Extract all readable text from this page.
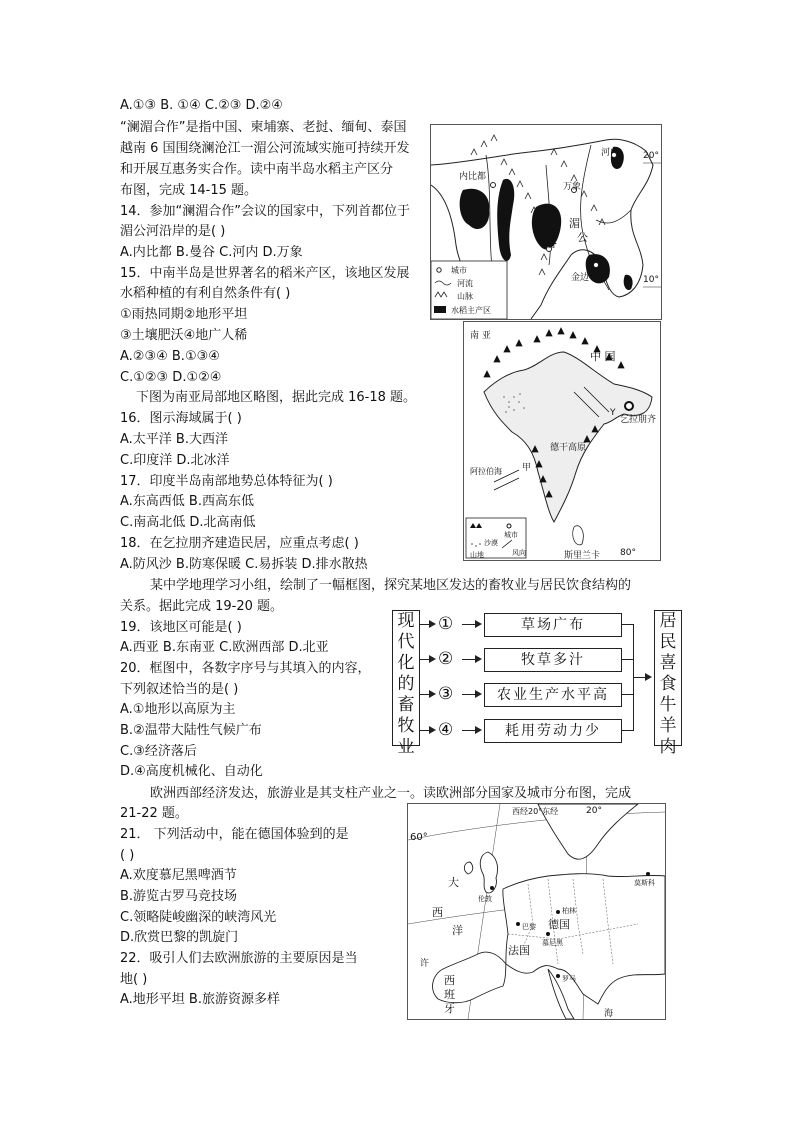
A.①③ B. ①④ C.②③ D.②④
“澜湄合作”是指中国、柬埔寨、老挝、缅甸、泰国
越南 6 国围绕澜沧江一湄公河流域实施可持续开发
和开展互惠务实合作。读中南半岛水稻主产区分
布图，完成 14-15 题。
14．参加“澜湄合作”会议的国家中，下列首都位于
湄公河沿岸的是( )
A.内比都 B.曼谷 C.河内 D.万象
15．中南半岛是世界著名的稻米产区，该地区发展
水稻种植的有利自然条件有( )
①雨热同期②地形平坦
③土壤肥沃④地广人稀
A.②③④ B.①③④
C.①②③ D.①②④
下图为南亚局部地区略图，据此完成 16-18 题。
16．图示海域属于( )
A.太平洋 B.大西洋
C.印度洋 D.北冰洋
17．印度半岛南部地势总体特征为( )
A.东高西低 B.西高东低
C.南高北低 D.北高南低
18．在乞拉朋齐建造民居，应重点考虑( )
A.防风沙 B.防寒保暖 C.易拆装 D.排水散热
某中学地理学习小组，绘制了一幅框图，探究某地区发达的畜牧业与居民饮食结构的
关系。据此完成 19-20 题。
19．该地区可能是( )
A.西亚 B.东南亚 C.欧洲西部 D.北亚
20．框图中，各数字序号与其填入的内容，
下列叙述恰当的是( )
A.①地形以高原为主
B.②温带大陆性气候广布
C.③经济落后
D.④高度机械化、自动化
欧洲西部经济发达，旅游业是其支柱产业之一。读欧洲部分国家及城市分布图，完成
21-22 题。
21． 下列活动中，能在德国体验到的是
( )
A.欢度慕尼黑啤酒节
B.游览古罗马竞技场
C.领略陡峻幽深的峡湾风光
D.欣赏巴黎的凯旋门
22．吸引人们去欧洲旅游的主要原因是当
地( )
A.地形平坦 B.旅游资源多样
内比都
河内
万象
湄
公
谷
金边
20°
10°
城市
河流
山脉
水稻主产区
南 亚
中 国
德干高原
乞拉朋齐
阿拉伯海 甲
Y
斯里兰卡 80°
山地
城市
沙漠
风向
现
代
化
的
畜
牧
业
居
民
喜
食
牛
羊
肉
①	草场广布
②	牧草多汁
③	农业生产水平高
④	耗用劳动力少
西经20°东经
60°
20°
大
西
洋
伦敦
柏林
德国
巴黎
慕尼黑
法国
西
班
牙
罗马
莫斯科
许
海
